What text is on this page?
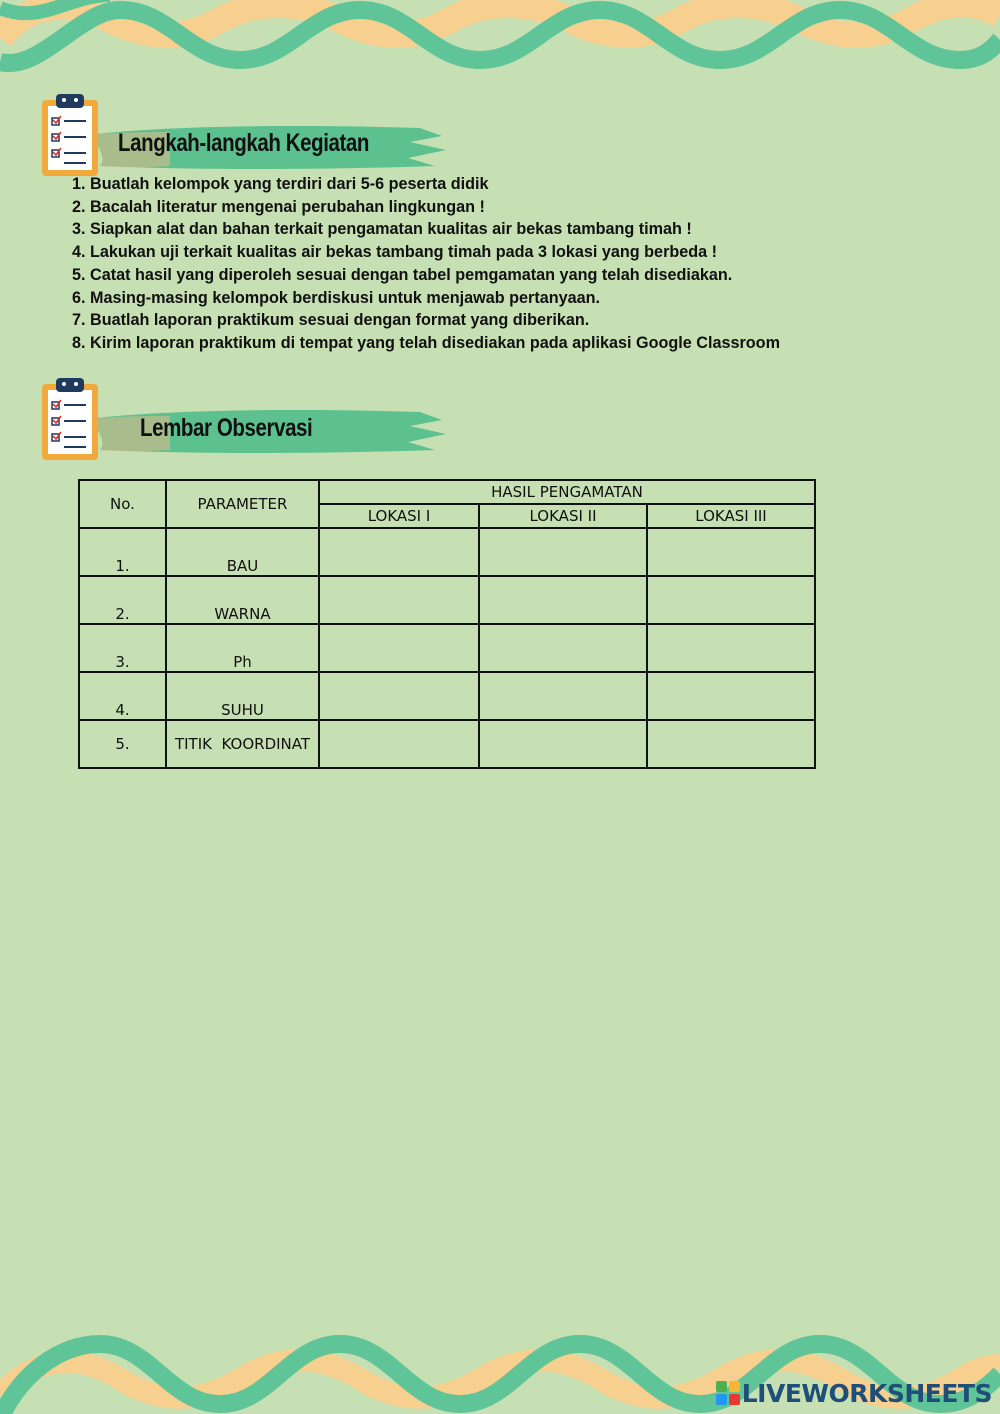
Langkah-langkah Kegiatan
1. Buatlah kelompok yang terdiri dari 5-6 peserta didik
2. Bacalah literatur mengenai perubahan lingkungan !
3. Siapkan alat dan bahan terkait pengamatan kualitas air bekas tambang timah !
4. Lakukan uji terkait kualitas air bekas tambang timah pada 3 lokasi yang berbeda !
5. Catat hasil yang diperoleh sesuai dengan tabel pemgamatan yang telah disediakan.
6. Masing-masing kelompok berdiskusi untuk menjawab pertanyaan.
7. Buatlah laporan praktikum sesuai dengan format yang diberikan.
8. Kirim laporan praktikum di tempat yang telah disediakan pada aplikasi Google Classroom
Lembar Observasi
No.	PARAMETER	HASIL PENGAMATAN		
		LOKASI I	LOKASI II	LOKASI III
1.	BAU			
2.	WARNA			
3.	Ph			
4.	SUHU			
5.	TITIK  KOORDINAT			
LIVEWORKSHEETS
